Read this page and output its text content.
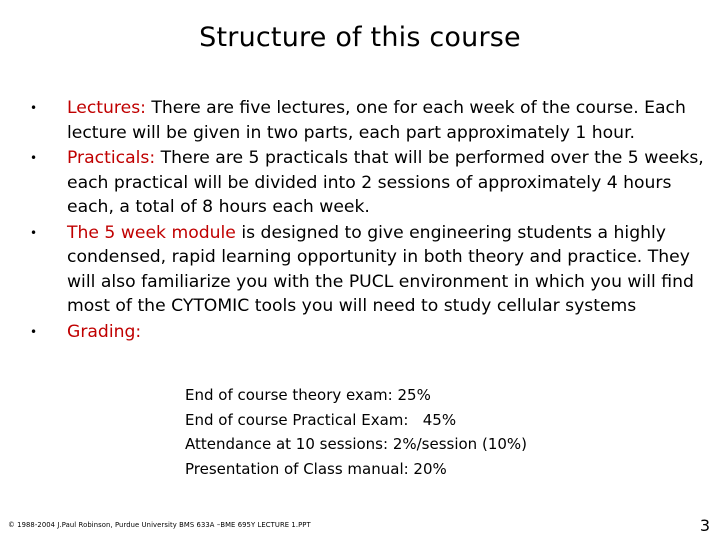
Structure of this course
• Lectures: There are five lectures, one for each week of the course. Each lecture will be given in two parts, each part approximately 1 hour.
• Practicals: There are 5 practicals that will be performed over the 5 weeks, each practical will be divided into 2 sessions of approximately 4 hours each, a total of 8 hours each week.
• The 5 week module is designed to give engineering students a highly condensed, rapid learning opportunity in both theory and practice. They will also familiarize you with the PUCL environment in which you will find most of the CYTOMIC tools you will need to study cellular systems
• Grading:
End of course theory exam: 25%
End of course Practical Exam:   45%
Attendance at 10 sessions: 2%/session (10%)
Presentation of Class manual: 20%
© 1988-2004 J.Paul Robinson, Purdue University BMS 633A –BME 695Y LECTURE 1.PPT	3
